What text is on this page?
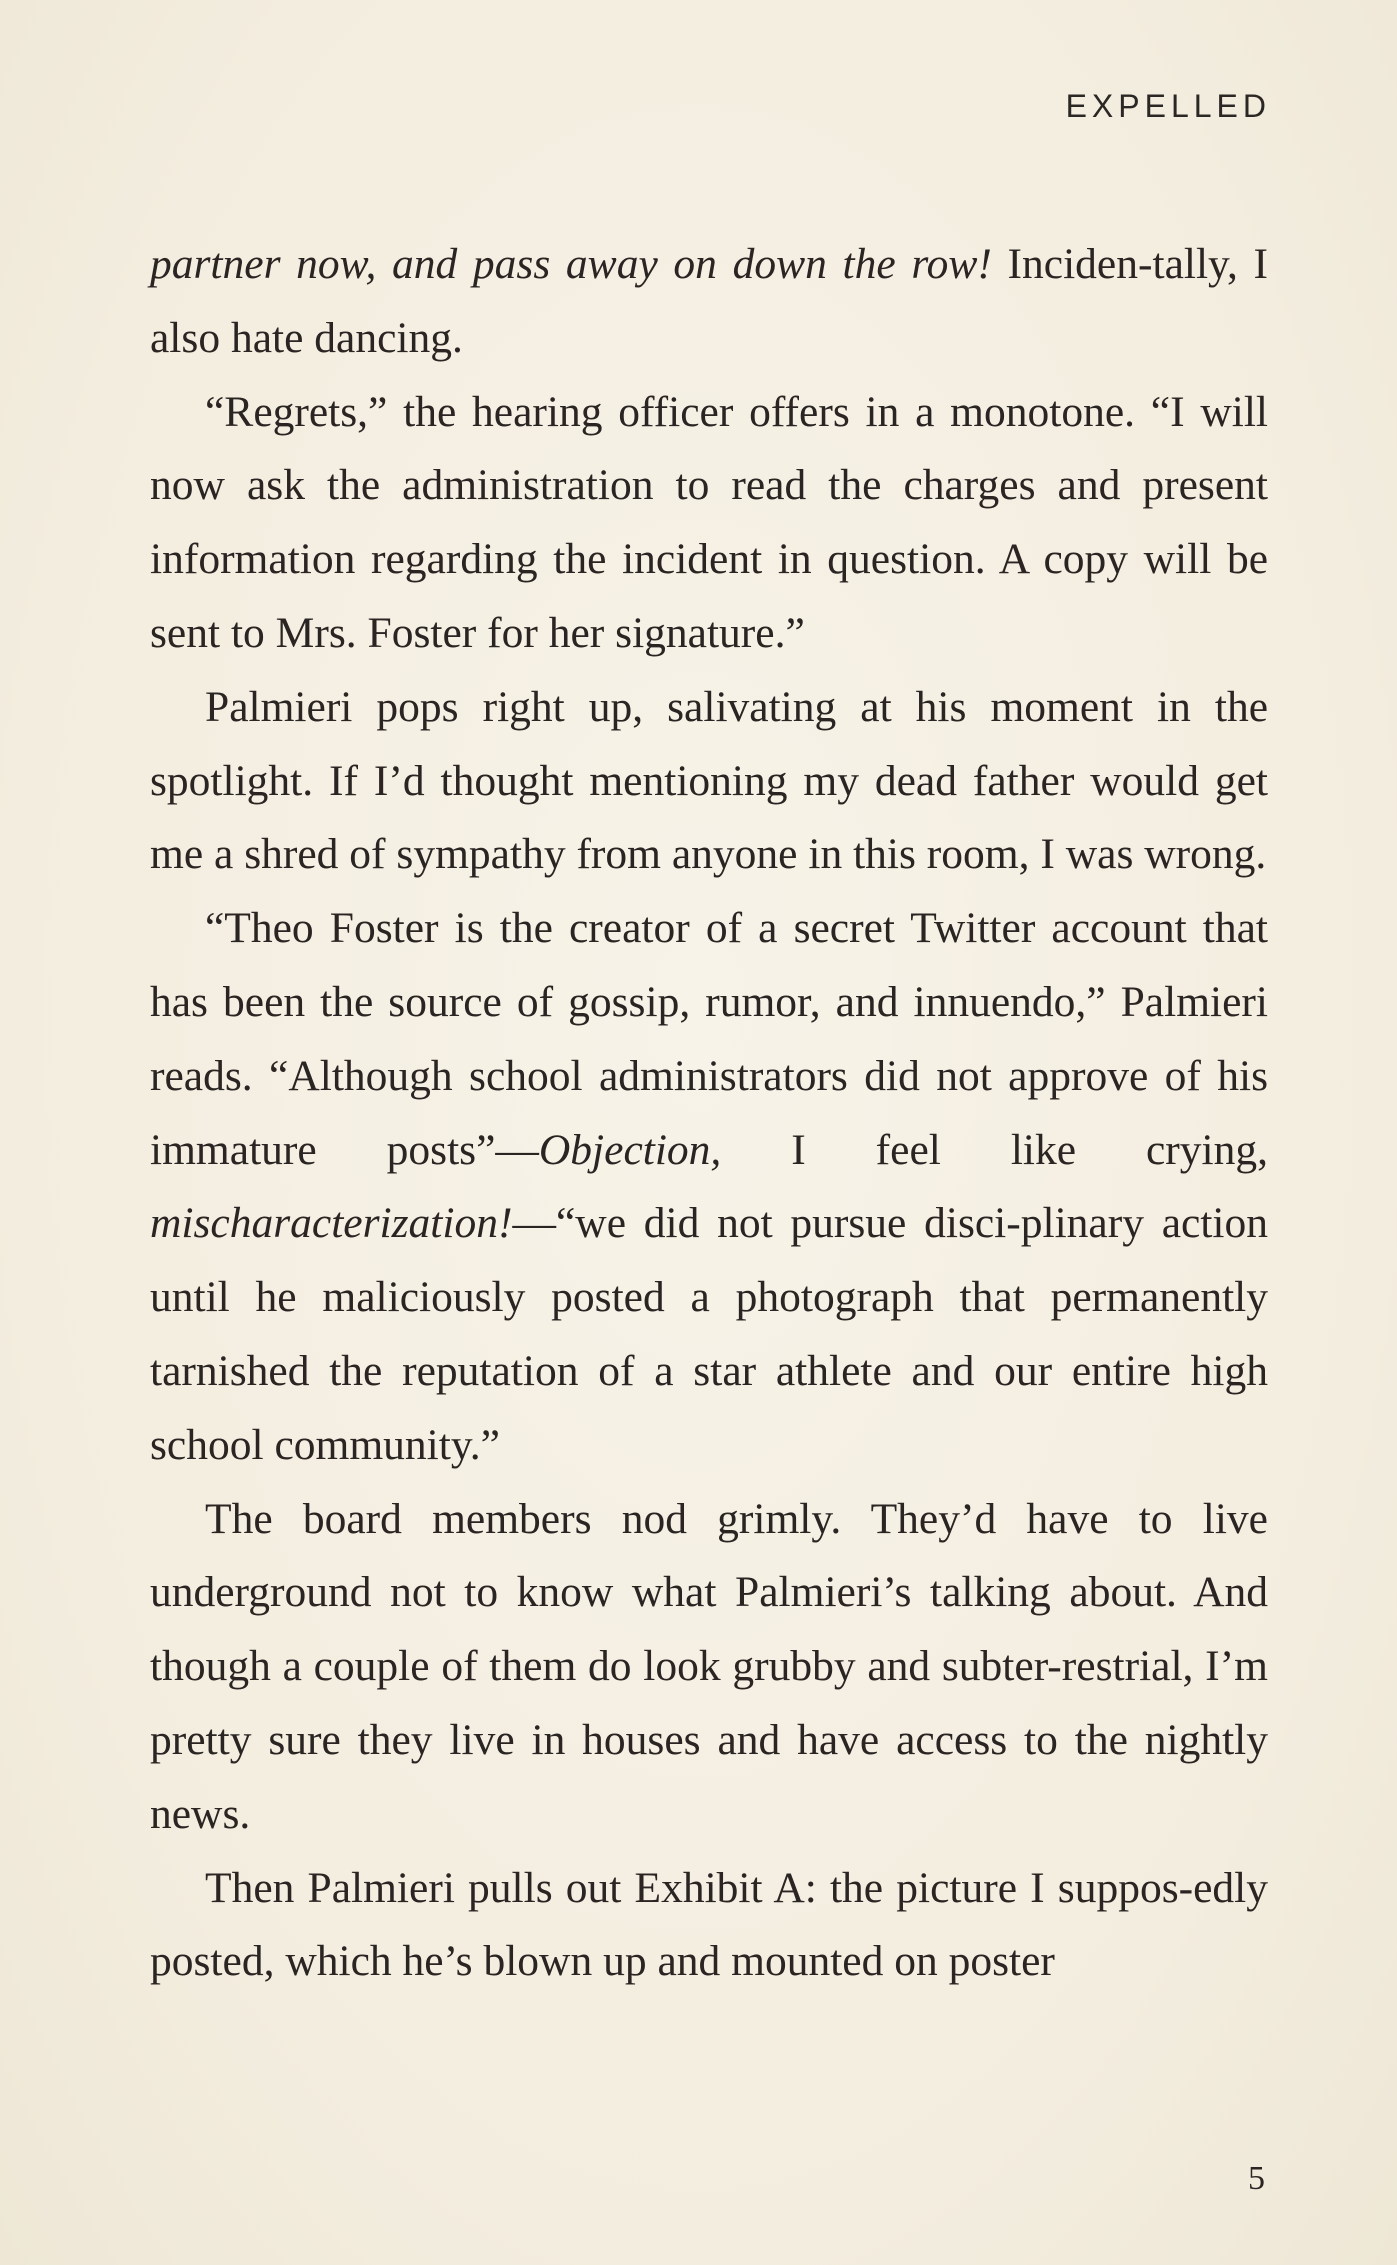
EXPELLED

partner now, and pass away on down the row! Inciden-tally, I also hate dancing.

“Regrets,” the hearing officer offers in a monotone. “I will now ask the administration to read the charges and present information regarding the incident in question. A copy will be sent to Mrs. Foster for her signature.”

Palmieri pops right up, salivating at his moment in the spotlight. If I’d thought mentioning my dead father would get me a shred of sympathy from anyone in this room, I was wrong.

“Theo Foster is the creator of a secret Twitter account that has been the source of gossip, rumor, and innuendo,” Palmieri reads. “Although school administrators did not approve of his immature posts”—Objection, I feel like crying, mischaracterization!—“we did not pursue disci-plinary action until he maliciously posted a photograph that permanently tarnished the reputation of a star athlete and our entire high school community.”

The board members nod grimly. They’d have to live underground not to know what Palmieri’s talking about. And though a couple of them do look grubby and subter-restrial, I’m pretty sure they live in houses and have access to the nightly news.

Then Palmieri pulls out Exhibit A: the picture I suppos-edly posted, which he’s blown up and mounted on poster

5
